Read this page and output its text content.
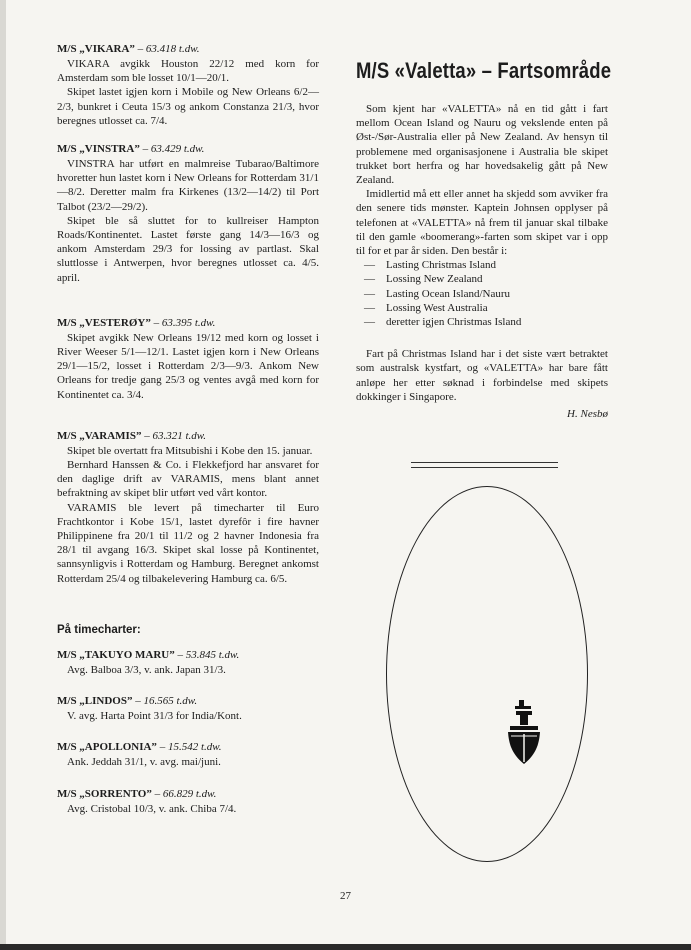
M/S „VIKARA” – 63.418 t.dw.

VIKARA avgikk Houston 22/12 med korn for Amsterdam som ble losset 10/1—20/1.

Skipet lastet igjen korn i Mobile og New Orleans 6/2—2/3, bunkret i Ceuta 15/3 og ankom Constanza 21/3, hvor beregnes utlosset ca. 7/4.

M/S „VINSTRA” – 63.429 t.dw.

VINSTRA har utført en malmreise Tubarao/Baltimore hvoretter hun lastet korn i New Orleans for Rotterdam 31/1—8/2. Deretter malm fra Kirkenes (13/2—14/2) til Port Talbot (23/2—29/2).

Skipet ble så sluttet for to kullreiser Hampton Roads/Kontinentet. Lastet første gang 14/3—16/3 og ankom Amsterdam 29/3 for lossing av partlast. Skal sluttlosse i Antwerpen, hvor beregnes utlosset ca. 4/5. april.

M/S „VESTERØY” – 63.395 t.dw.

Skipet avgikk New Orleans 19/12 med korn og losset i River Weeser 5/1—12/1. Lastet igjen korn i New Orleans 29/1—15/2, losset i Rotterdam 2/3—9/3. Ankom New Orleans for tredje gang 25/3 og ventes avgå med korn for Kontinentet ca. 3/4.

M/S „VARAMIS” – 63.321 t.dw.

Skipet ble overtatt fra Mitsubishi i Kobe den 15. januar.

Bernhard Hanssen & Co. i Flekkefjord har ansvaret for den daglige drift av VARAMIS, mens blant annet befraktning av skipet blir utført ved vårt kontor.

VARAMIS ble levert på timecharter til Euro Frachtkontor i Kobe 15/1, lastet dyrefôr i fire havner Philippinene fra 20/1 til 11/2 og 2 havner Indonesia fra 28/1 til avgang 16/3. Skipet skal losse på Kontinentet, sannsynligvis i Rotterdam og Hamburg. Beregnet ankomst Rotterdam 25/4 og tilbakelevering Hamburg ca. 6/5.

På timecharter:
M/S „TAKUYO MARU” – 53.845 t.dw.
Avg. Balboa 3/3, v. ank. Japan 31/3.
M/S „LINDOS” – 16.565 t.dw.
V. avg. Harta Point 31/3 for India/Kont.
M/S „APOLLONIA” – 15.542 t.dw.
Ank. Jeddah 31/1, v. avg. mai/juni.
M/S „SORRENTO” – 66.829 t.dw.
Avg. Cristobal 10/3, v. ank. Chiba 7/4.
M/S «Valetta» – Fartsområde

Som kjent har «VALETTA» nå en tid gått i fart mellom Ocean Island og Nauru og vekslende enten på Øst-/Sør-Australia eller på New Zealand. Av hensyn til problemene med organisasjonene i Australia ble skipet trukket bort herfra og har hovedsakelig gått på New Zealand.

Imidlertid må ett eller annet ha skjedd som avviker fra den senere tids mønster. Kaptein Johnsen opplyser på telefonen at «VALETTA» nå frem til januar skal tilbake til den gamle «boomerang»-farten som skipet var i opp til for et par år siden. Den består i:

— Lasting Christmas Island
— Lossing New Zealand
— Lasting Ocean Island/Nauru
— Lossing West Australia
— deretter igjen Christmas Island

Fart på Christmas Island har i det siste vært betraktet som australsk kystfart, og «VALETTA» har bare fått anløpe her etter søknad i forbindelse med skipets dokkinger i Singapore.

H. Nesbø

27
